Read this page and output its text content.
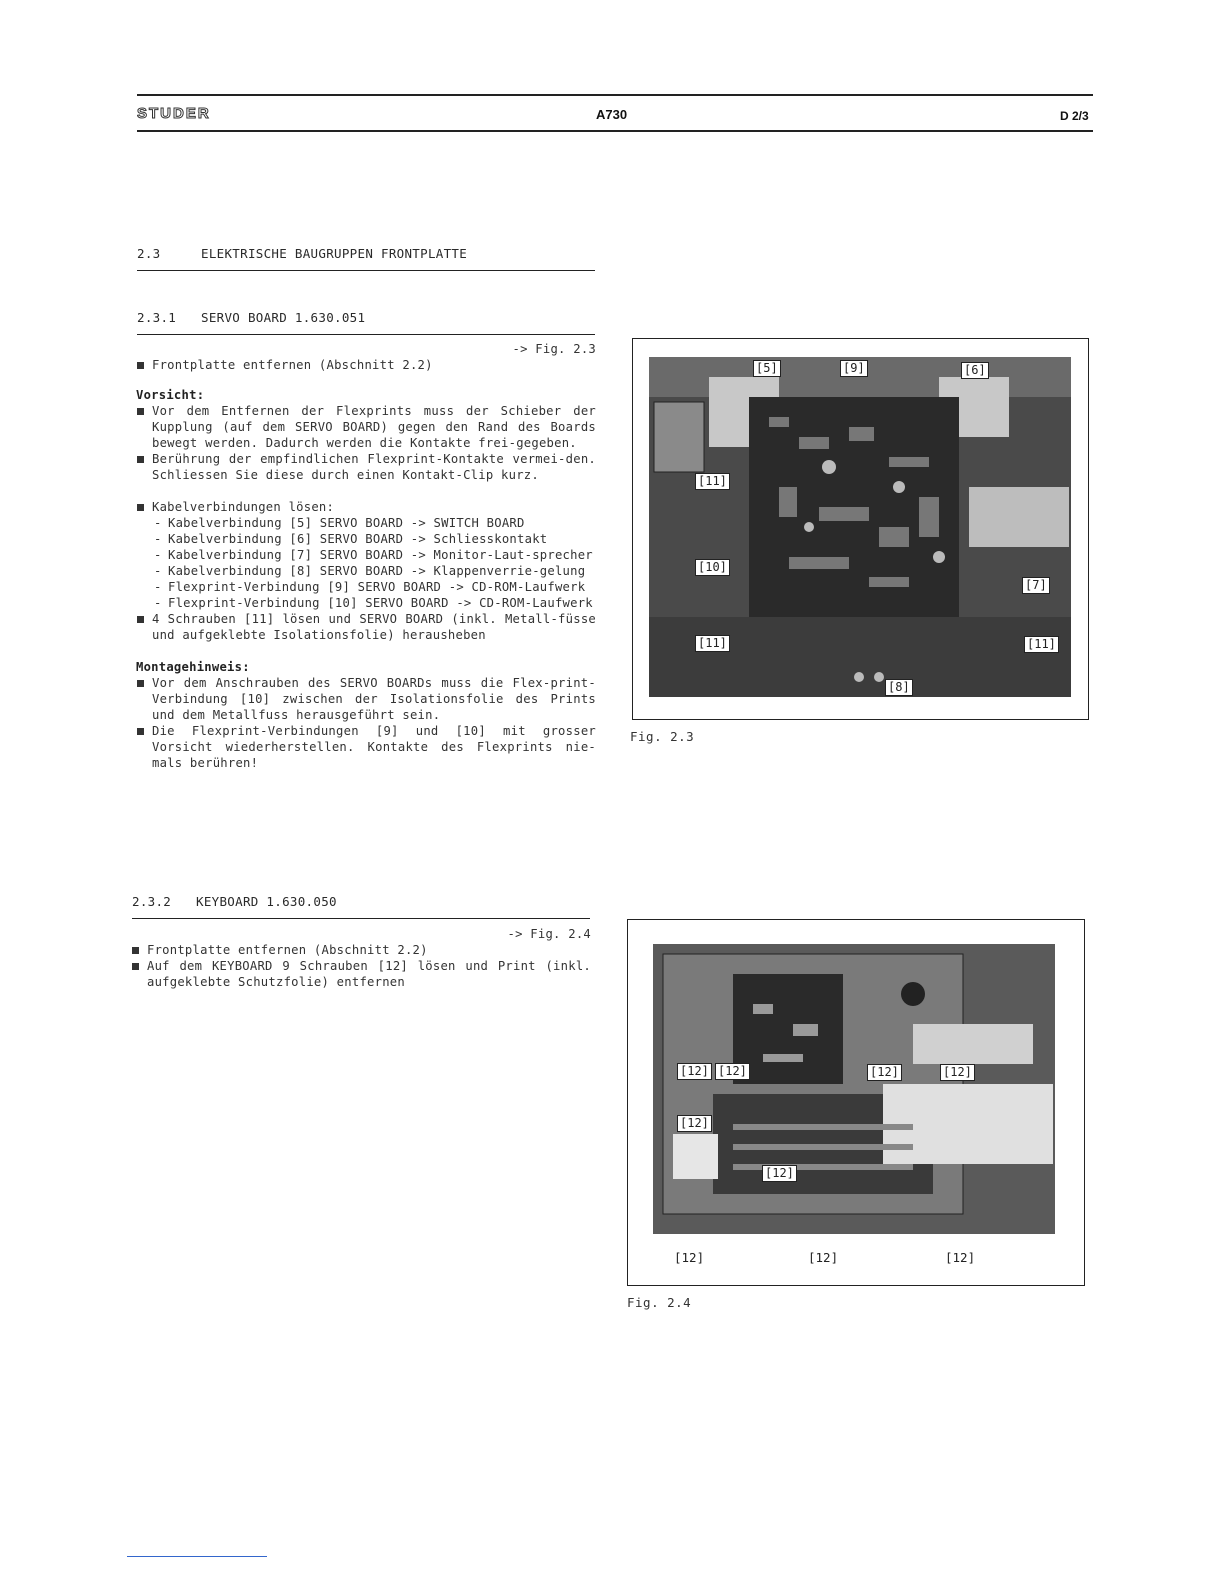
STUDER	A730	D 2/3
2.3	ELEKTRISCHE BAUGRUPPEN FRONTPLATTE
2.3.1 SERVO BOARD 1.630.051

-> Fig. 2.3

Frontplatte entfernen (Abschnitt 2.2)

Vorsicht:

Vor dem Entfernen der Flexprints muss der Schieber der Kupplung (auf dem SERVO BOARD) gegen den Rand des Boards bewegt werden. Dadurch werden die Kontakte frei-gegeben.

Berührung der empfindlichen Flexprint-Kontakte vermei-den. Schliessen Sie diese durch einen Kontakt-Clip kurz.

Kabelverbindungen lösen:

- Kabelverbindung [5] SERVO BOARD -> SWITCH BOARD

- Kabelverbindung [6] SERVO BOARD -> Schliesskontakt

- Kabelverbindung [7] SERVO BOARD -> Monitor-Laut-sprecher

- Kabelverbindung [8] SERVO BOARD -> Klappenverrie-gelung

- Flexprint-Verbindung [9] SERVO BOARD -> CD-ROM-Laufwerk

- Flexprint-Verbindung [10] SERVO BOARD -> CD-ROM-Laufwerk

4 Schrauben [11] lösen und SERVO BOARD (inkl. Metall-füsse und aufgeklebte Isolationsfolie) herausheben

Montagehinweis:

Vor dem Anschrauben des SERVO BOARDs muss die Flex-print-Verbindung [10] zwischen der Isolationsfolie des Prints und dem Metallfuss herausgeführt sein.

Die Flexprint-Verbindungen [9] und [10] mit grosser Vorsicht wiederherstellen. Kontakte des Flexprints nie-mals berühren!

[5]	[9]	[6]
[11]
[10]
[7]
[11]	[11]
[8]
Fig. 2.3
2.3.2 KEYBOARD 1.630.050

-> Fig. 2.4

Frontplatte entfernen (Abschnitt 2.2)

Auf dem KEYBOARD 9 Schrauben [12] lösen und Print (inkl. aufgeklebte Schutzfolie) entfernen

[12] [12]	[12]	[12]
[12]
[12]
[12]	[12]	[12]
Fig. 2.4
